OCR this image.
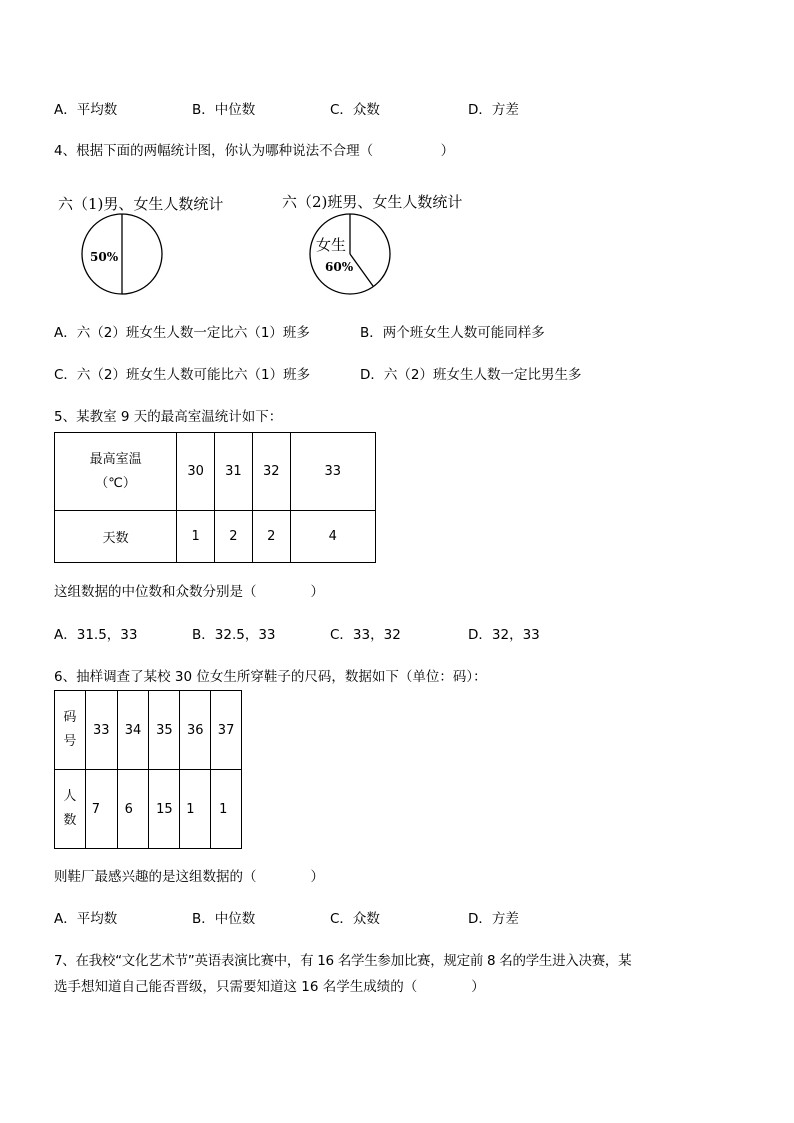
A．平均数	B．中位数	C．众数	D．方差
4、根据下面的两幅统计图，你认为哪种说法不合理（　　　　　）
六（1)男、女生人数统计	六（2)班男、女生人数统计
50%
女生
60%
A．六（2）班女生人数一定比六（1）班多	B．两个班女生人数可能同样多
C．六（2）班女生人数可能比六（1）班多	D．六（2）班女生人数一定比男生多
5、某教室 9 天的最高室温统计如下：
最高室温
（℃）	30	31	32	33
天数	1	2	2	4
这组数据的中位数和众数分别是（　　　　）
A．31.5，33	B．32.5，33	C．33，32	D．32，33
6、抽样调查了某校 30 位女生所穿鞋子的尺码，数据如下（单位：码）：
码
号	33	34	35	36	37

人
数	7	6	15	1	1
则鞋厂最感兴趣的是这组数据的（　　　　）
A．平均数	B．中位数	C．众数	D．方差
7、在我校“文化艺术节”英语表演比赛中，有 16 名学生参加比赛，规定前 8 名的学生进入决赛，某
选手想知道自己能否晋级，只需要知道这 16 名学生成绩的（　　　　）
